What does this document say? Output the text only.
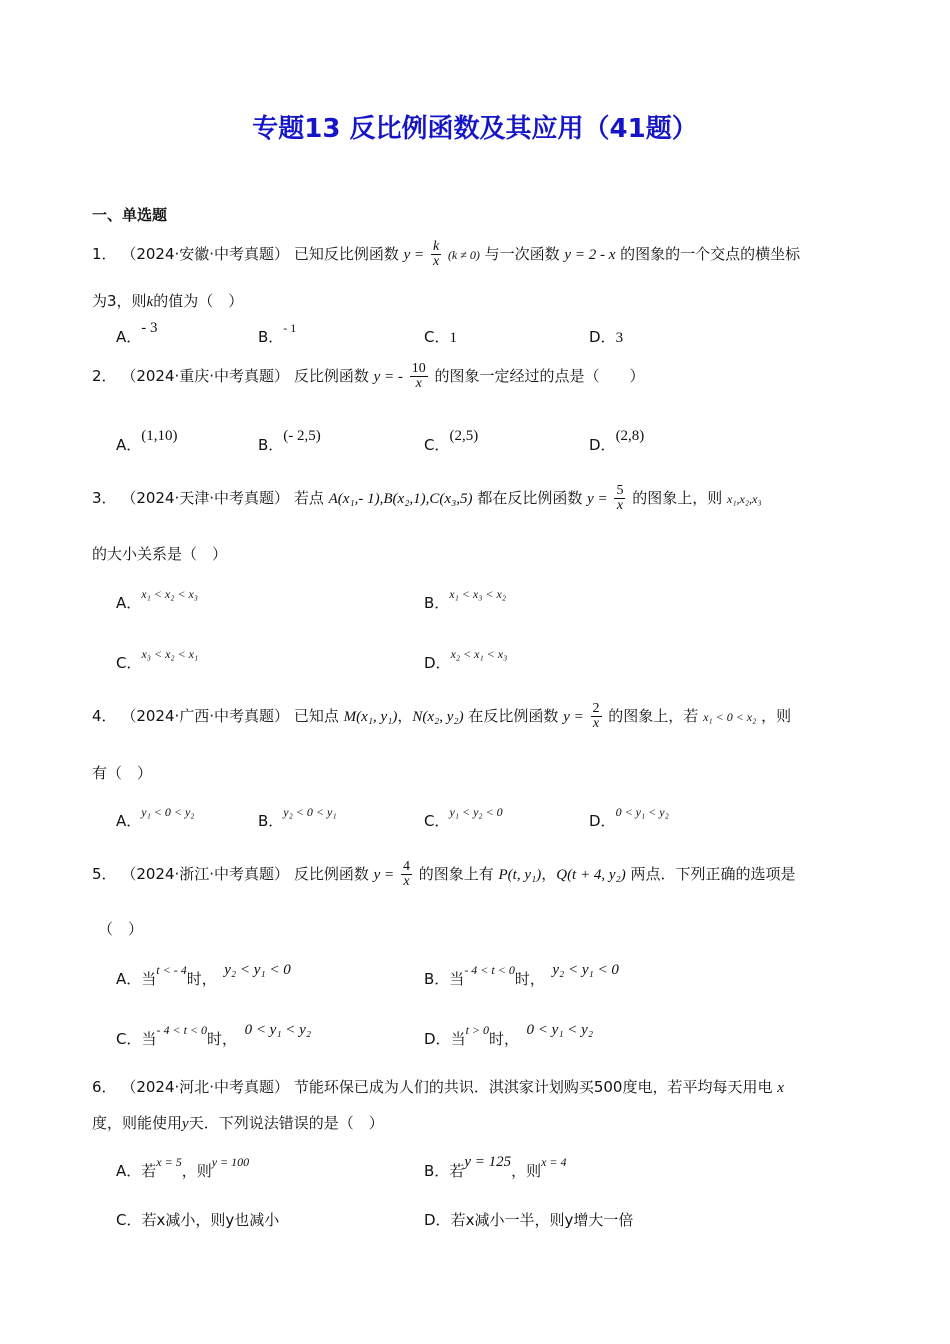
专题13 反比例函数及其应用（41题）
一、单选题
1． （2024·安徽·中考真题） 已知反比例函数 $y = \frac{k}{x} (k \ne 0)$ 与一次函数 y = 2 - x 的图象的一个交点的横坐标
为3，则k的值为（　）
A．- 3	B．$^{- 1}$	C．1	D．3
2． （2024·重庆·中考真题） 反比例函数 y = - $\frac{10}{x}$ 的图象一定经过的点是（　　）
A．(1,10)	B．(- 2,5)	C．(2,5)	D．(2,8)
3． （2024·天津·中考真题） 若点 A(x₁,- 1),B(x₂,1),C(x₃,5) 都在反比例函数 $y = \frac{5}{x}$ 的图象上，则 x₁,x₂,x₃
的大小关系是（　）
A．$^{x_1 < x_2 < x_3}$	B．$^{x_1 < x_3 < x_2}$
C．$^{x_3 < x_2 < x_1}$	D．$^{x_2 < x_1 < x_3}$
4． （2024·广西·中考真题） 已知点 M(x₁, y₁)，N(x₂, y₂) 在反比例函数 $y = \frac{2}{x}$ 的图象上，若 x₁ < 0 < x₂ ，则
有（　）
A．$^{y_1 < 0 < y_2}$	B．$^{y_2 < 0 < y_1}$	C．$^{y_1 < y_2 < 0}$	D．$^{0 < y_1 < y_2}$
5． （2024·浙江·中考真题） 反比例函数 $y = \frac{4}{x}$ 的图象上有 P(t, y₁)，Q(t + 4, y₂) 两点．下列正确的选项是
（　）
A．当$^{t < - 4}$时，　 y₂ < y₁ < 0	B．当$^{- 4 < t < 0}$时，　 y₂ < y₁ < 0
C．当$^{- 4 < t < 0}$时，　 0 < y₁ < y₂	D．当$^{t > 0}$时，　 0 < y₁ < y₂
6． （2024·河北·中考真题） 节能环保已成为人们的共识．淇淇家计划购买500度电，若平均每天用电 x
度，则能使用y天．下列说法错误的是（　）
A．若$^{x = 5}$，则$^{y = 100}$	B．若y = 125，则$^{x = 4}$
C．若x减小，则y也减小	D．若x减小一半，则y增大一倍
